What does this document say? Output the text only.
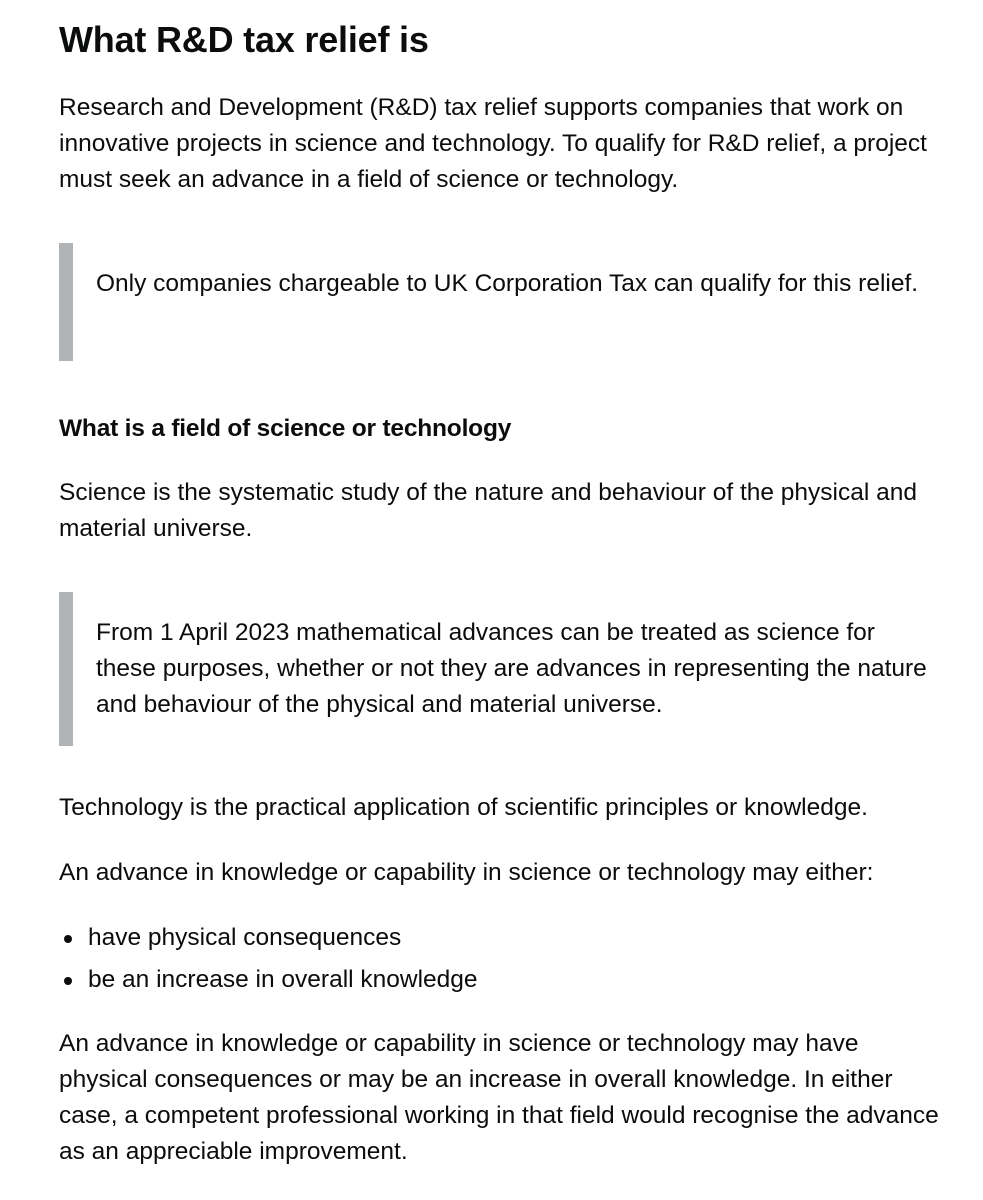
What R&D tax relief is

Research and Development (R&D) tax relief supports companies that work on innovative projects in science and technology. To qualify for R&D relief, a project must seek an advance in a field of science or technology.

Only companies chargeable to UK Corporation Tax can qualify for this relief.

What is a field of science or technology

Science is the systematic study of the nature and behaviour of the physical and material universe.

From 1 April 2023 mathematical advances can be treated as science for these purposes, whether or not they are advances in representing the nature and behaviour of the physical and material universe.

Technology is the practical application of scientific principles or knowledge.

An advance in knowledge or capability in science or technology may either:

have physical consequences
be an increase in overall knowledge

An advance in knowledge or capability in science or technology may have physical consequences or may be an increase in overall knowledge. In either case, a competent professional working in that field would recognise the advance as an appreciable improvement.
